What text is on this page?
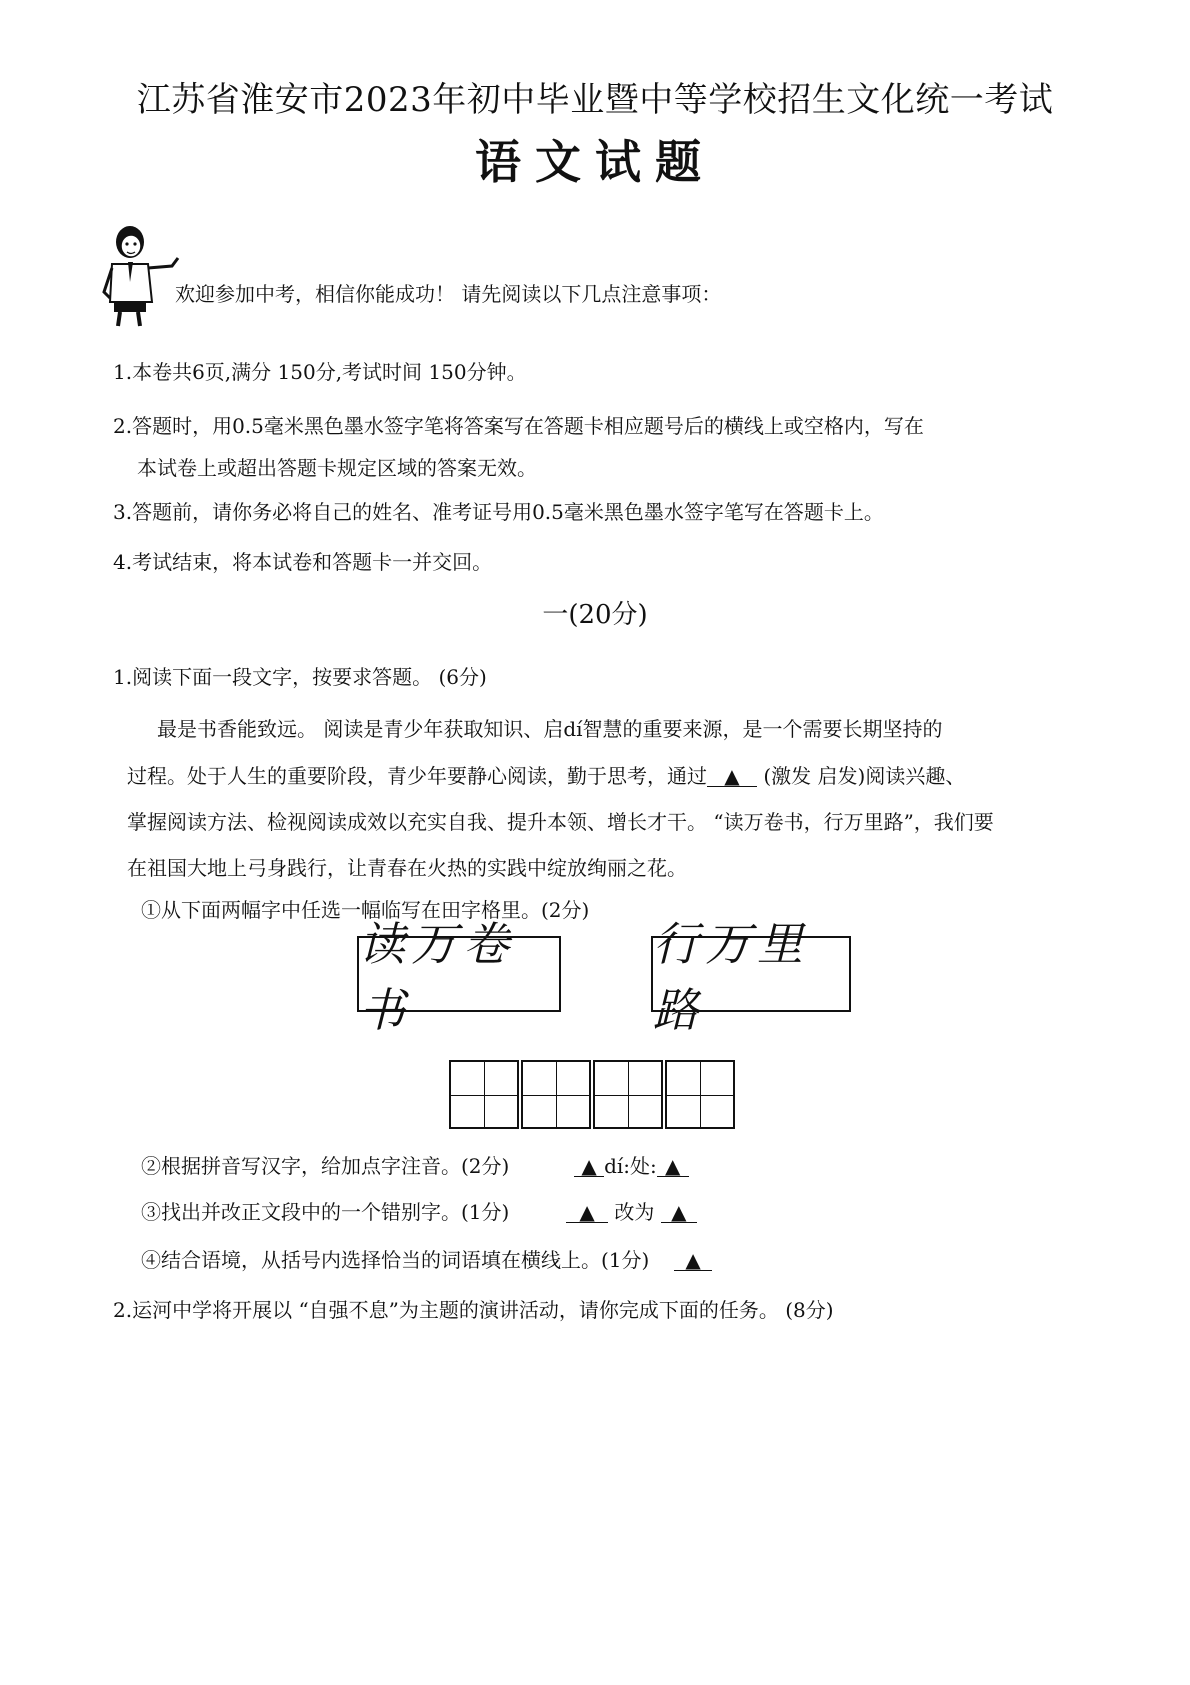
江苏省淮安市2023年初中毕业暨中等学校招生文化统一考试
语文试题
欢迎参加中考，相信你能成功！ 请先阅读以下几点注意事项：
1.本卷共6页,满分 150分,考试时间 150分钟。
2.答题时，用0.5毫米黑色墨水签字笔将答案写在答题卡相应题号后的横线上或空格内，写在
本试卷上或超出答题卡规定区域的答案无效。
3.答题前，请你务必将自己的姓名、准考证号用0.5毫米黑色墨水签字笔写在答题卡上。
4.考试结束，将本试卷和答题卡一并交回。
一(20分)
1.阅读下面一段文字，按要求答题。 (6分)
最是书香能致远。 阅读是青少年获取知识、启dí智慧的重要来源，是一个需要长期坚持的
过程。处于人生的重要阶段，青少年要静心阅读，勤于思考，通过 ▲ (激发 启发)阅读兴趣、
掌握阅读方法、检视阅读成效以充实自我、提升本领、增长才干。 “读万卷书，行万里路”，我们要
在祖国大地上弓身践行，让青春在火热的实践中绽放绚丽之花。
①从下面两幅字中任选一幅临写在田字格里。(2分)
读万卷书
行万里路
②根据拼音写汉字，给加点字注音。(2分)	▲ dí:处: ▲
③找出并改正文段中的一个错别字。(1分)	▲ 改为 ▲
④结合语境，从括号内选择恰当的词语填在横线上。(1分) ▲
2.运河中学将开展以 “自强不息”为主题的演讲活动，请你完成下面的任务。 (8分)
